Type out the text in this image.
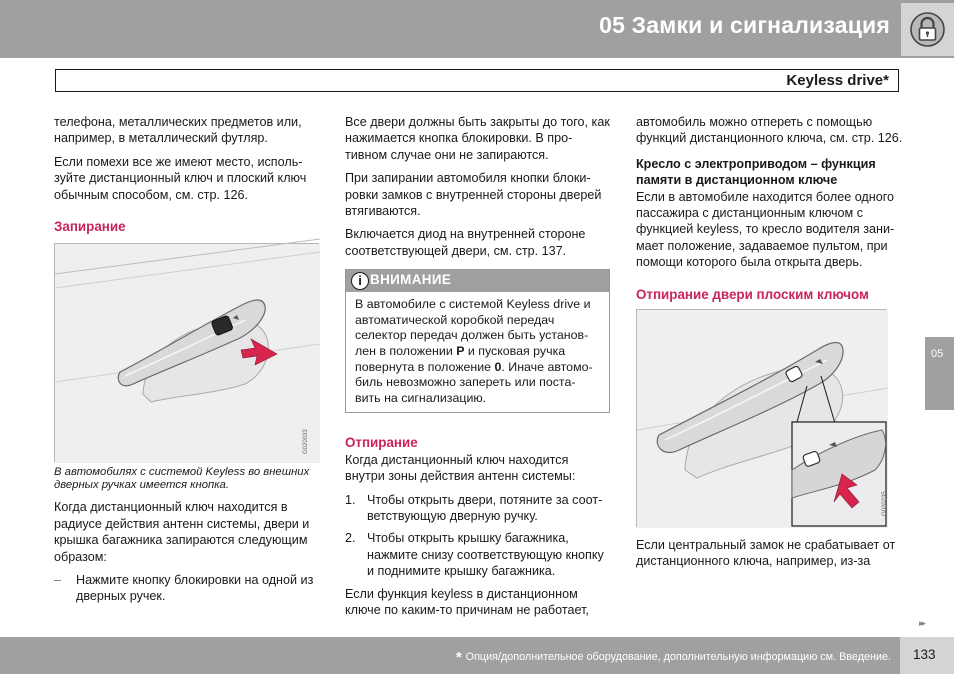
05 Замки и сигнализация
Keyless drive*

телефона, металлических предметов или, например, в металлический футляр.

Если помехи все же имеют место, исполь-зуйте дистанционный ключ и плоский ключ обычным способом, см. стр. 126.

Запирание
G020033

В автомобилях с системой Keyless во внешних дверных ручках имеется кнопка.

Когда дистанционный ключ находится в радиусе действия антенн системы, двери и крышка багажника запираются следующим образом:

– Нажмите кнопку блокировки на одной из дверных ручек.

Все двери должны быть закрыты до того, как нажимается кнопка блокировки. В про-тивном случае они не запираются.

При запирании автомобиля кнопки блоки-ровки замков с внутренней стороны дверей втягиваются.

Включается диод на внутренней стороне соответствующей двери, см. стр. 137.

i ВНИМАНИЕ
В автомобиле с системой Keyless drive и автоматической коробкой передач селектор передач должен быть установ-лен в положении P и пусковая ручка повернута в положение 0. Иначе автомо-биль невозможно запереть или поста-вить на сигнализацию.
Отпирание

Когда дистанционный ключ находится внутри зоны действия антенн системы:

1. Чтобы открыть двери, потяните за соот-ветствующую дверную ручку.
2. Чтобы открыть крышку багажника, нажмите снизу соответствующую кнопку и поднимите крышку багажника.

Если функция keyless в дистанционном ключе по каким-то причинам не работает,

автомобиль можно отпереть с помощью функций дистанционного ключа, см. стр. 126.

Кресло с электроприводом – функция памяти в дистанционном ключе

Если в автомобиле находится более одного пассажира с дистанционным ключом с функцией keyless, то кресло водителя зани-мает положение, задаваемое пультом, при помощи которого была открыта дверь.

Отпирание двери плоским ключом
G020235

Если центральный замок не срабатывает от дистанционного ключа, например, из-за

05
▸▸
* Опция/дополнительное оборудование, дополнительную информацию см. Введение. 133
